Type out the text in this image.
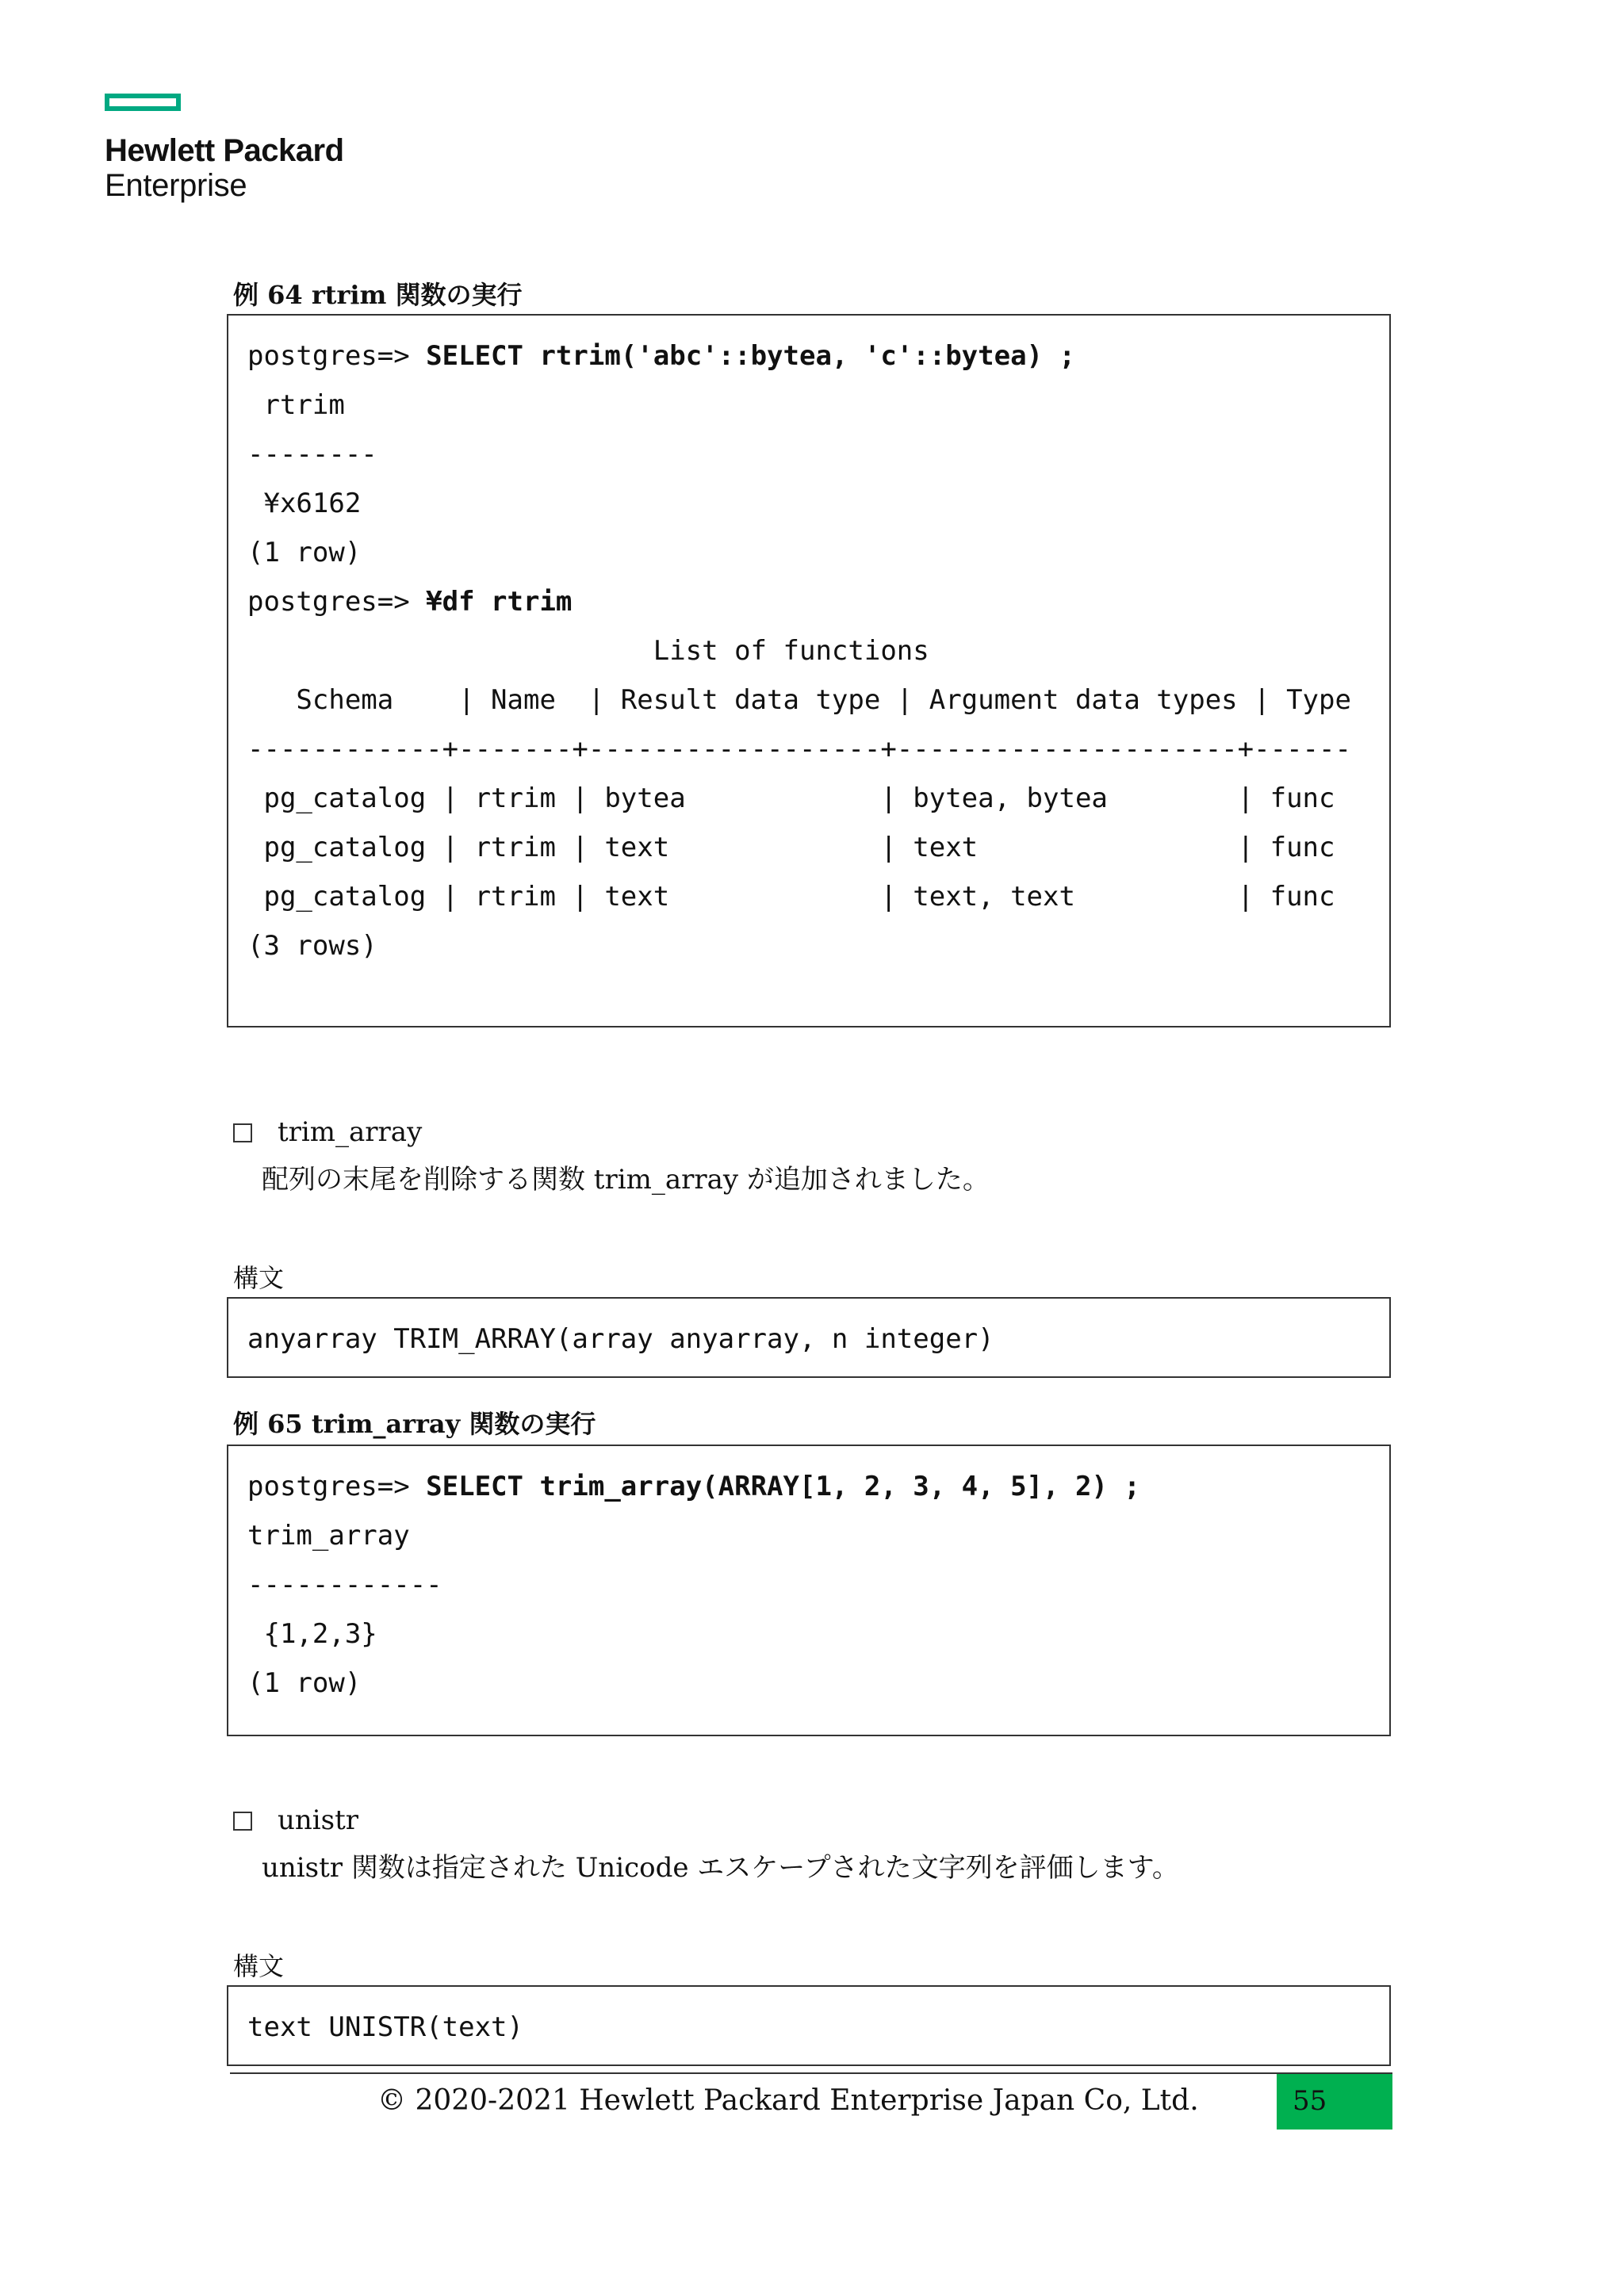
Hewlett Packard
Enterprise
例 64 rtrim 関数の実行
postgres=> SELECT rtrim('abc'::bytea, 'c'::bytea) ;
rtrim
--------
¥x6162
(1 row)
postgres=> ¥df rtrim
List of functions
Schema    | Name  | Result data type | Argument data types | Type
------------+-------+------------------+---------------------+------
pg_catalog | rtrim | bytea            | bytea, bytea        | func
pg_catalog | rtrim | text             | text                | func
pg_catalog | rtrim | text             | text, text          | func
(3 rows)
trim_array
配列の末尾を削除する関数 trim_array が追加されました。
構文
anyarray TRIM_ARRAY(array anyarray, n integer)
例 65 trim_array 関数の実行
postgres=> SELECT trim_array(ARRAY[1, 2, 3, 4, 5], 2) ;
trim_array
------------
{1,2,3}
(1 row)
unistr
unistr 関数は指定された Unicode エスケープされた文字列を評価します。
構文
text UNISTR(text)
© 2020-2021 Hewlett Packard Enterprise Japan Co, Ltd.	55
